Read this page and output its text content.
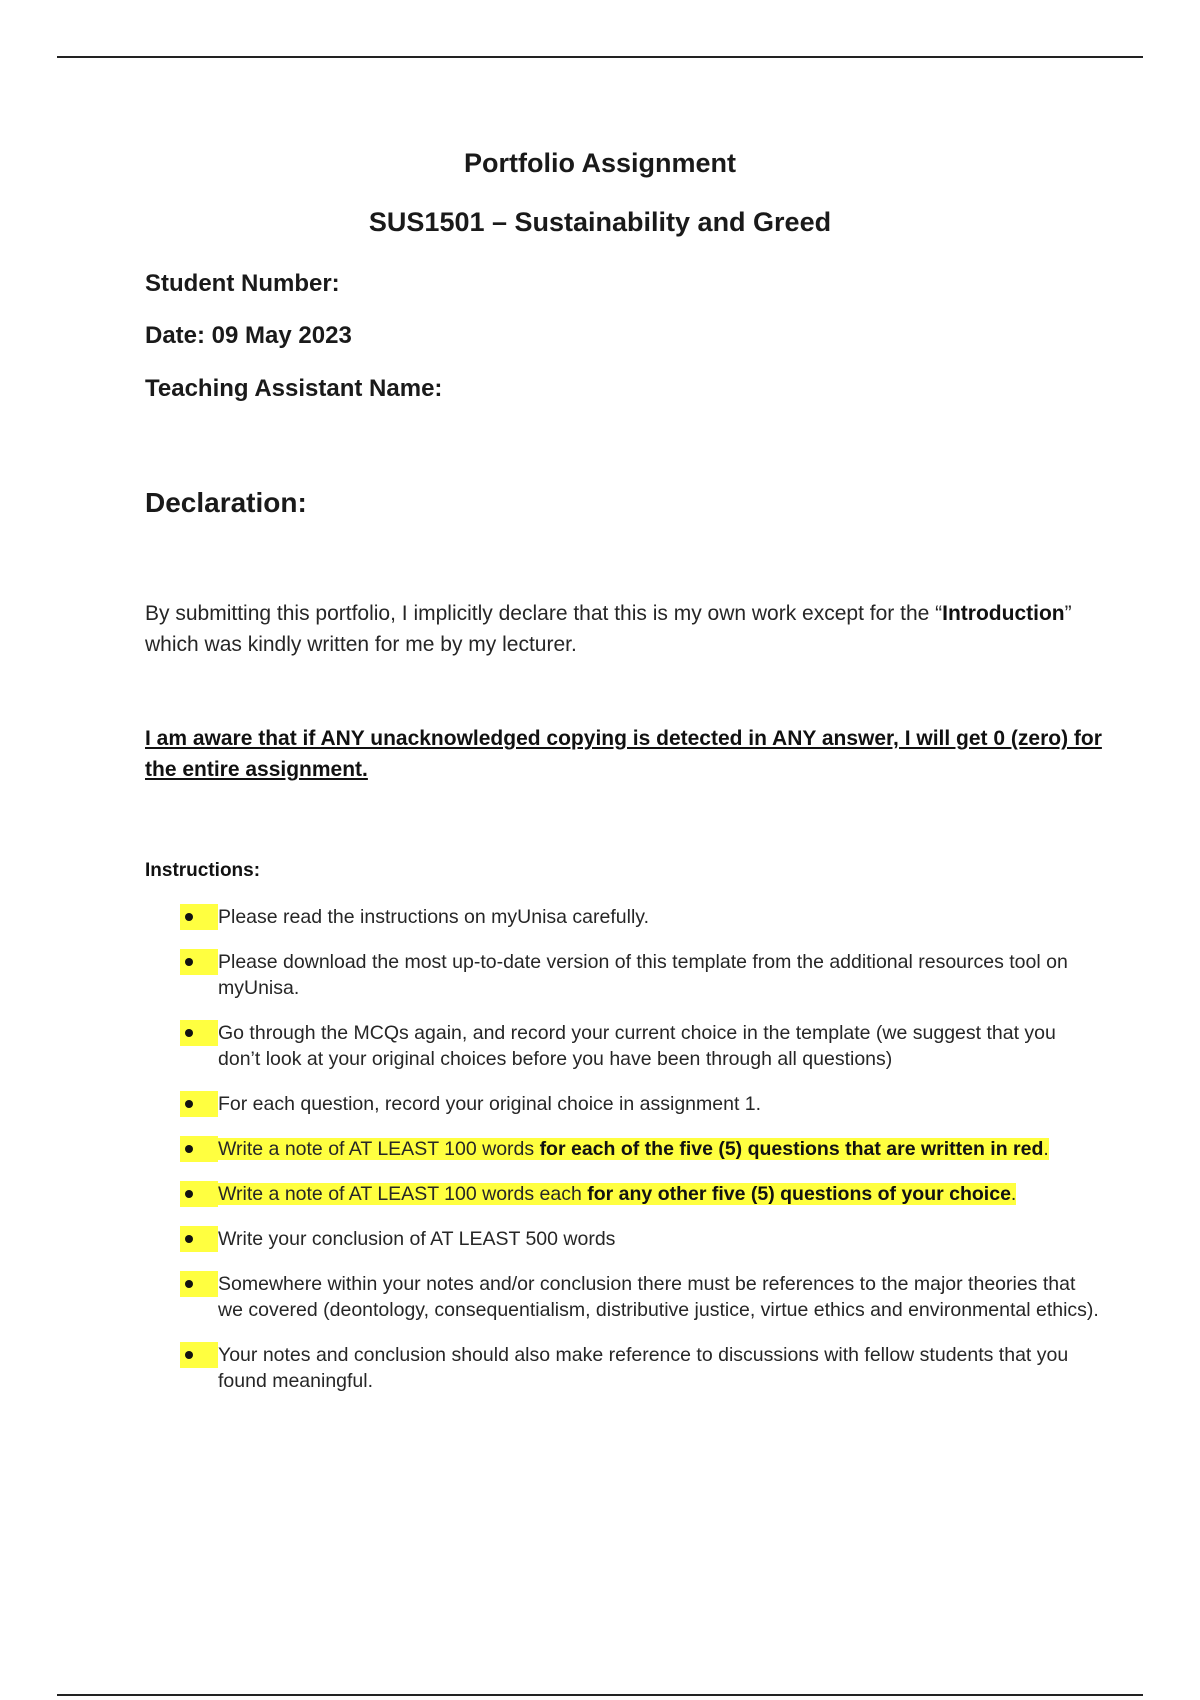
Portfolio Assignment
SUS1501 – Sustainability and Greed
Student Number:
Date: 09 May 2023
Teaching Assistant Name:
Declaration:
By submitting this portfolio, I implicitly declare that this is my own work except for the “Introduction” which was kindly written for me by my lecturer.
I am aware that if ANY unacknowledged copying is detected in ANY answer, I will get 0 (zero) for the entire assignment.
Instructions:
Please read the instructions on myUnisa carefully.
Please download the most up-to-date version of this template from the additional resources tool on myUnisa.
Go through the MCQs again, and record your current choice in the template (we suggest that you don’t look at your original choices before you have been through all questions)
For each question, record your original choice in assignment 1.
Write a note of AT LEAST 100 words for each of the five (5) questions that are written in red.
Write a note of AT LEAST 100 words each for any other five (5) questions of your choice.
Write your conclusion of AT LEAST 500 words
Somewhere within your notes and/or conclusion there must be references to the major theories that we covered (deontology, consequentialism, distributive justice, virtue ethics and environmental ethics).
Your notes and conclusion should also make reference to discussions with fellow students that you found meaningful.
